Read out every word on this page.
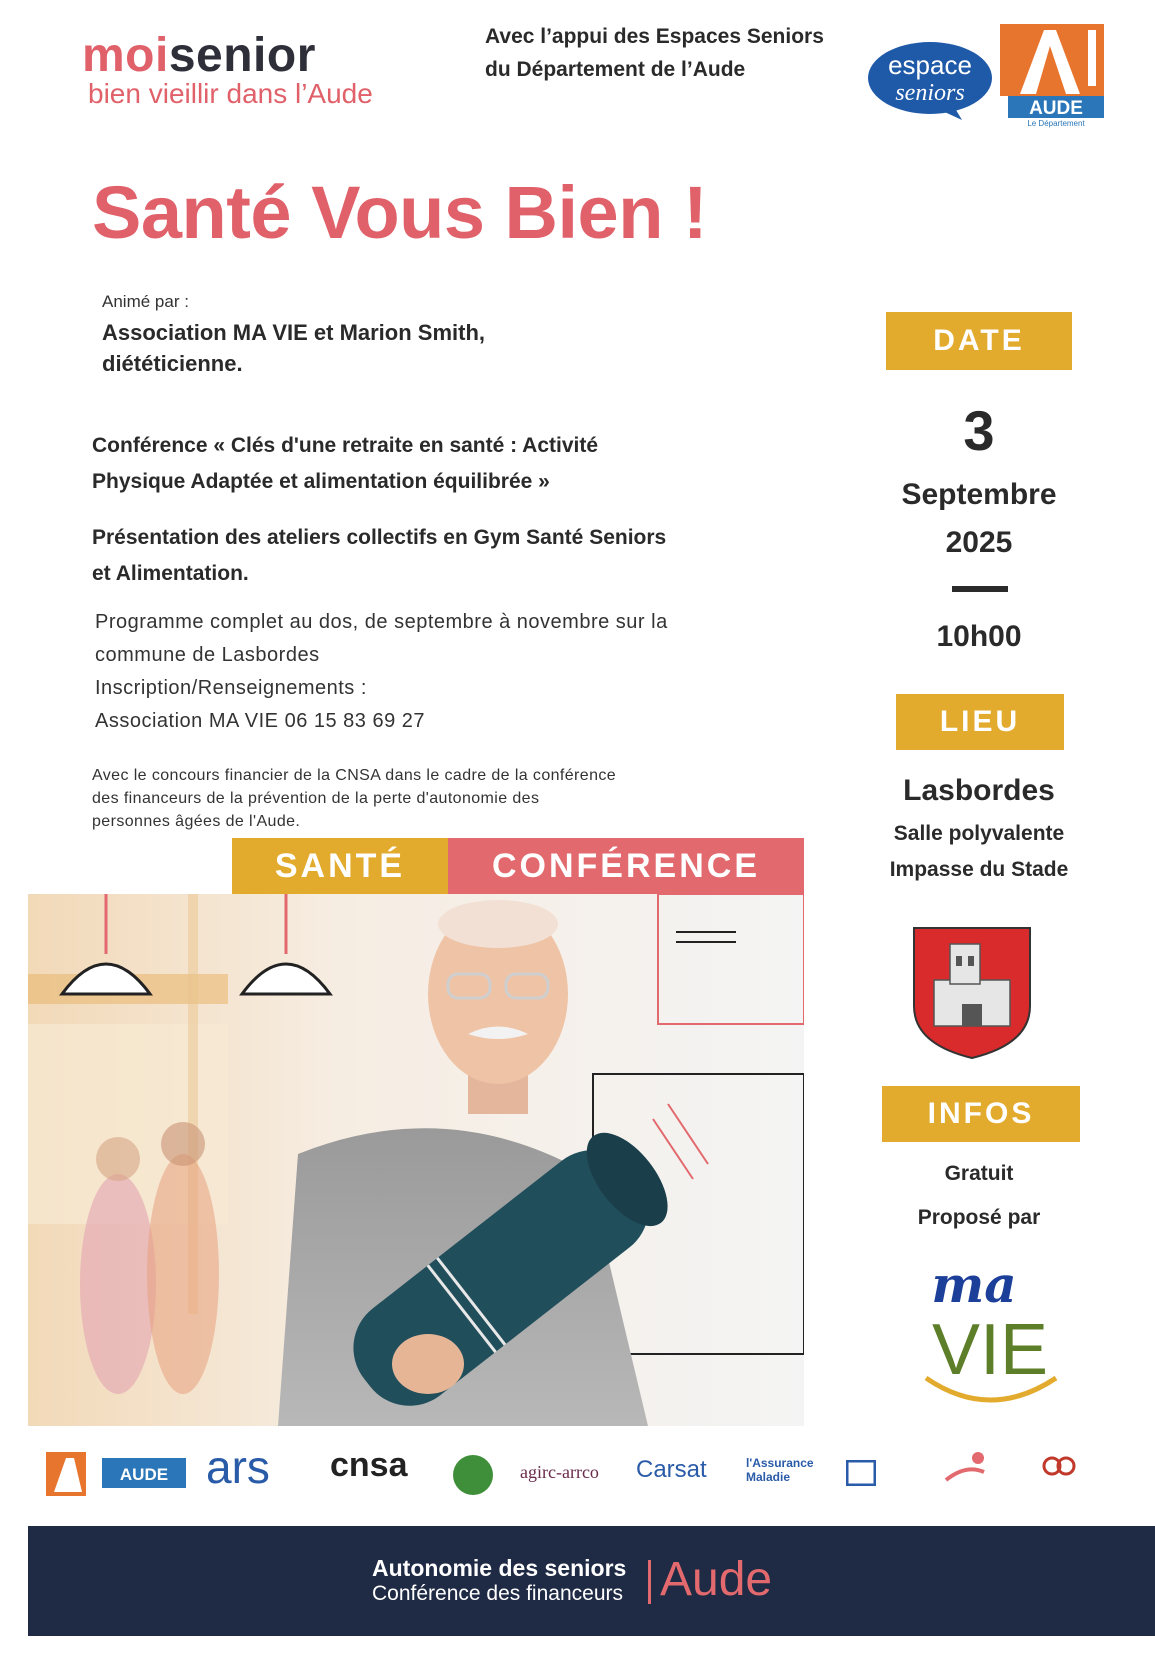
moisenior
bien vieillir dans l’Aude
Avec l’appui des Espaces Seniors
du Département de l’Aude	espace
seniors
AUDE
Le Département
Santé Vous Bien !
Animé par :
Association MA VIE et Marion Smith,
diététicienne.
Conférence « Clés d'une retraite en santé : Activité
Physique Adaptée et alimentation équilibrée »
Présentation des ateliers collectifs en Gym Santé Seniors
et Alimentation.
Programme complet au dos, de septembre à novembre sur la
commune de Lasbordes
Inscription/Renseignements :
Association MA VIE 06 15 83 69 27
Avec le concours financier de la CNSA dans le cadre de la conférence
des financeurs de la prévention de la perte d'autonomie des
personnes âgées de l'Aude.
SANTÉ	CONFÉRENCE
DATE
3
Septembre
2025
10h00
LIEU
Lasbordes
Salle polyvalente
Impasse du Stade
INFOS
Gratuit
Proposé par
ma
VIE
AUDE ars cnsa	agirc-arrco Carsat	l'Assurance Maladie
Autonomie des seniors
Conférence des financeurs Aude
